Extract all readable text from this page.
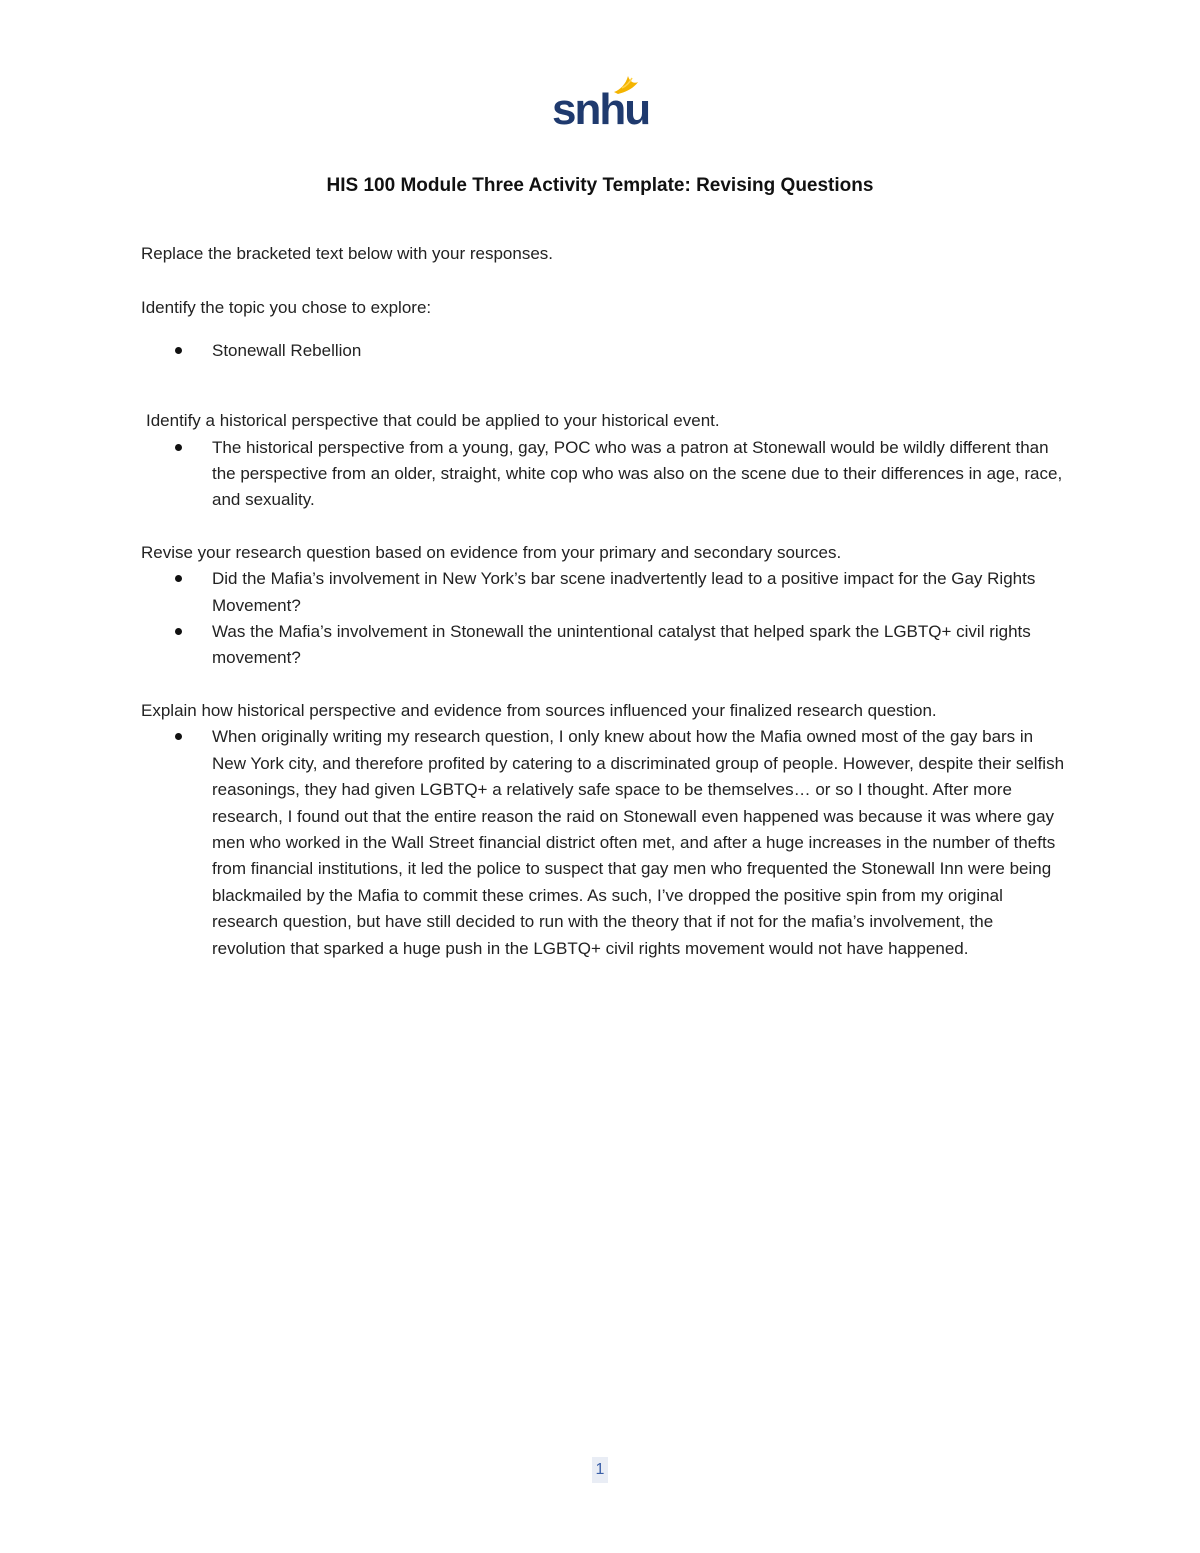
snhu
HIS 100 Module Three Activity Template: Revising Questions

Replace the bracketed text below with your responses.

Identify the topic you chose to explore:

Stonewall Rebellion

Identify a historical perspective that could be applied to your historical event.

The historical perspective from a young, gay, POC who was a patron at Stonewall would be wildly different than the perspective from an older, straight, white cop who was also on the scene due to their differences in age, race, and sexuality.

Revise your research question based on evidence from your primary and secondary sources.

Did the Mafia’s involvement in New York’s bar scene inadvertently lead to a positive impact for the Gay Rights Movement?
Was the Mafia’s involvement in Stonewall the unintentional catalyst that helped spark the LGBTQ+ civil rights movement?

Explain how historical perspective and evidence from sources influenced your finalized research question.

When originally writing my research question, I only knew about how the Mafia owned most of the gay bars in New York city, and therefore profited by catering to a discriminated group of people. However, despite their selfish reasonings, they had given LGBTQ+ a relatively safe space to be themselves… or so I thought. After more research, I found out that the entire reason the raid on Stonewall even happened was because it was where gay men who worked in the Wall Street financial district often met, and after a huge increases in the number of thefts from financial institutions, it led the police to suspect that gay men who frequented the Stonewall Inn were being blackmailed by the Mafia to commit these crimes. As such, I’ve dropped the positive spin from my original research question, but have still decided to run with the theory that if not for the mafia’s involvement, the revolution that sparked a huge push in the LGBTQ+ civil rights movement would not have happened.
1
